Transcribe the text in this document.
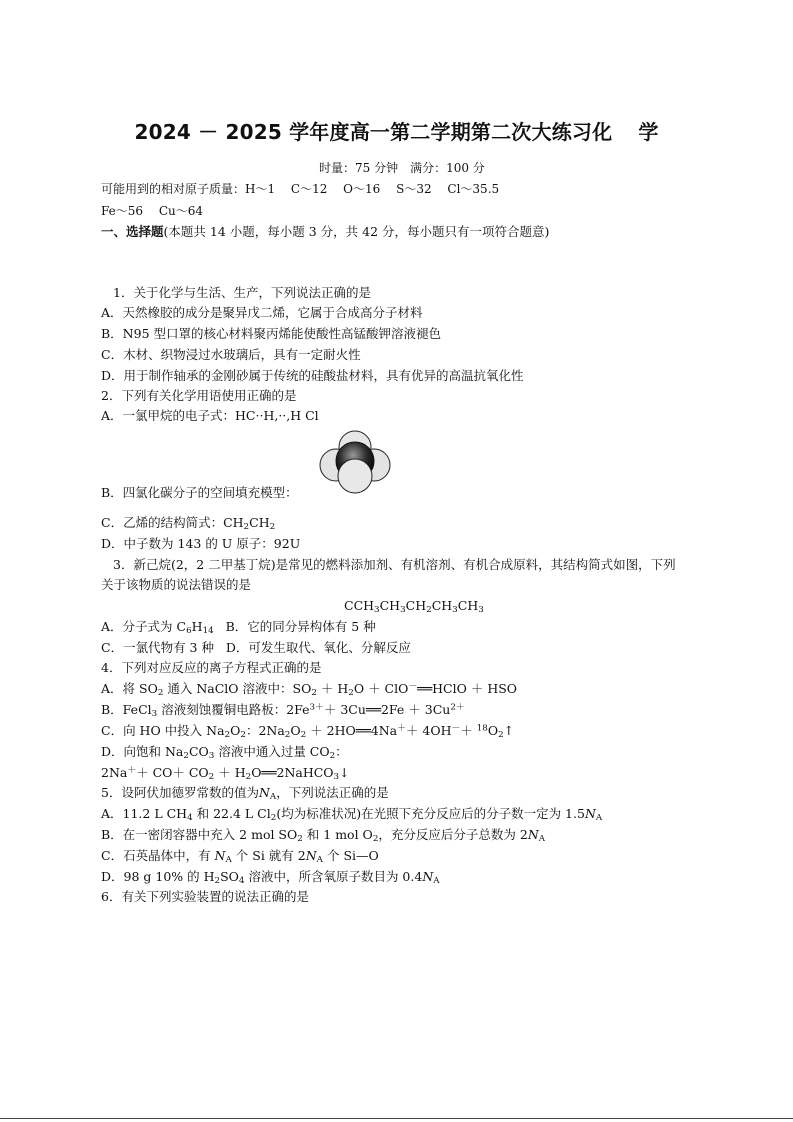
2024 － 2025 学年度高一第二学期第二次大练习化 学
时量：75 分钟　满分：100 分
可能用到的相对原子质量：H～1　 C～12　 O～16　 S～32　 Cl～35.5
Fe～56　 Cu～64
一、选择题(本题共 14 小题，每小题 3 分，共 42 分，每小题只有一项符合题意)
1．关于化学与生活、生产，下列说法正确的是
A．天然橡胶的成分是聚异戊二烯，它属于合成高分子材料
B．N95 型口罩的核心材料聚丙烯能使酸性高锰酸钾溶液褪色
C．木材、织物浸过水玻璃后，具有一定耐火性
D．用于制作轴承的金刚砂属于传统的硅酸盐材料，具有优异的高温抗氧化性
2．下列有关化学用语使用正确的是
A．一氯甲烷的电子式：HC··H,··,H Cl
B．四氯化碳分子的空间填充模型：
C．乙烯的结构简式：$CH_2CH_2$
D．中子数为 143 的 U 原子：92U
3．新己烷(2，2 二甲基丁烷)是常见的燃料添加剂、有机溶剂、有机合成原料，其结构简式如图，下列
关于该物质的说法错误的是
$CCH_3CH_3CH_2CH_3CH_3$
A．分子式为 $C_6H_{14}$ B．它的同分异构体有 5 种
C．一氯代物有 3 种 D．可发生取代、氧化、分解反应
4．下列对应反应的离子方程式正确的是
A．将 $SO_2$ 通入 NaClO 溶液中：$SO_2 + H_2O$ ＋ ClO－══HClO ＋ HSO
B．FeCl$_3$ 溶液刻蚀覆铜电路板：$2Fe^{3+}+$ 3Cu══2Fe ＋ $3Cu^{2+}$
C．向 HO 中投入 $Na_2O_2$：$2Na_2O_2$ ＋ 2HO══4Na＋＋ $4OH^-+ ^{18}O_2↑$
D．向饱和 $Na_2CO_3$ 溶液中通入过量 $CO_2$：
$2Na^++ CO+ CO_2$ ＋ $H_2O══2NaHCO_3↓$
5．设阿伏加德罗常数的值为$N_A$，下列说法正确的是
A．11.2 L $CH_4$ 和 22.4 L $Cl_2$(均为标准状况)在光照下充分反应后的分子数一定为 $1.5N_A$
B．在一密闭容器中充入 2 mol $SO_2$ 和 1 mol $O_2$，充分反应后分子总数为 $2N_A$
C．石英晶体中，有 $N_A$ 个 Si 就有 $2N_A$ 个 Si—O
D．98 g 10% 的 $H_2SO_4$ 溶液中，所含氧原子数目为 $0.4N_A$
6．有关下列实验装置的说法正确的是
